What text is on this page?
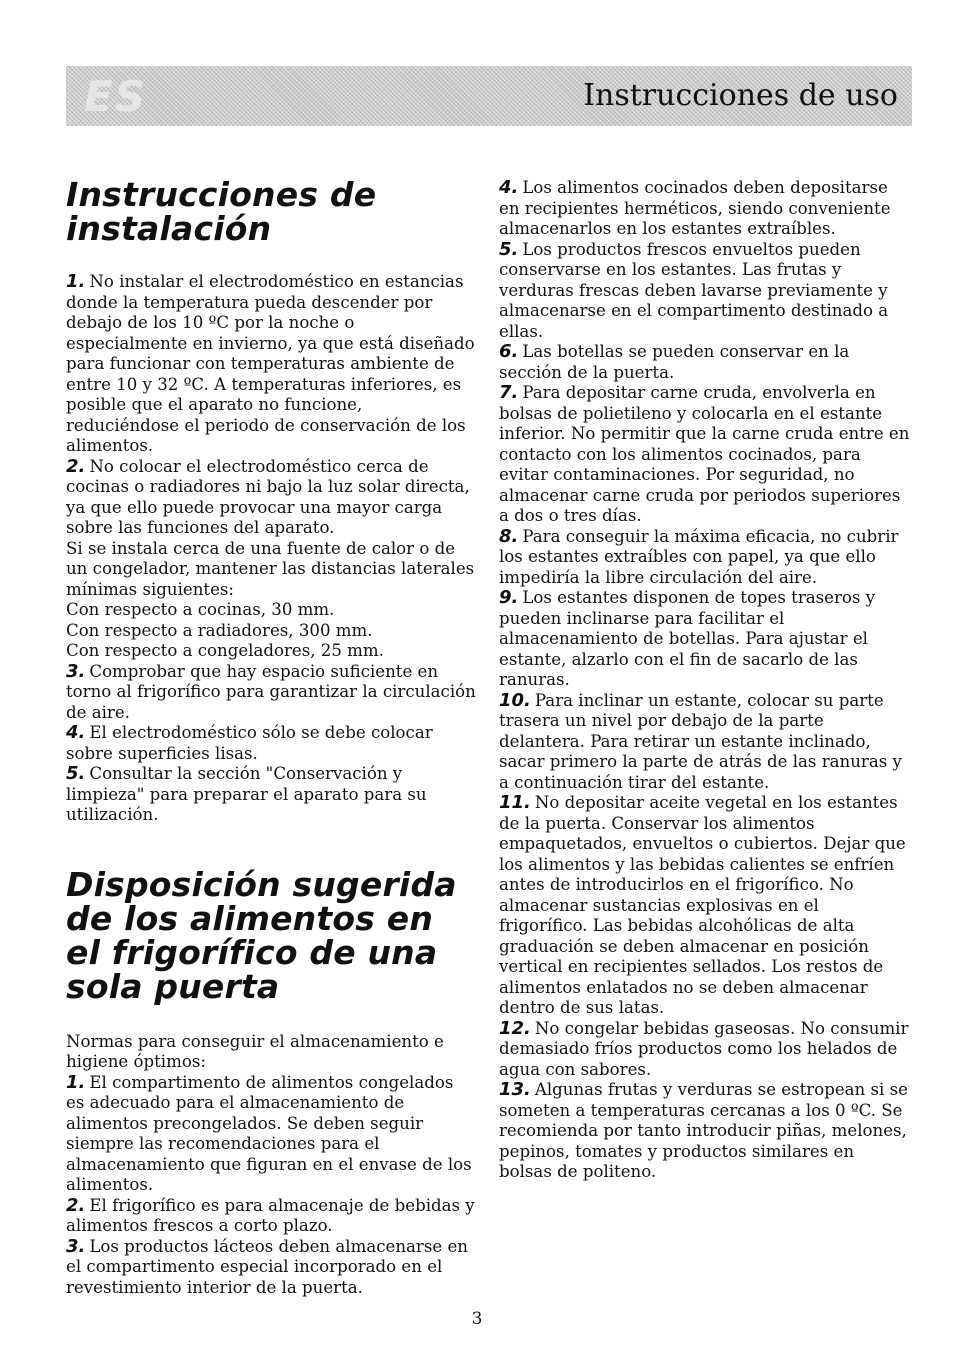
ES	Instrucciones de uso
Instrucciones de instalación

1. No instalar el electrodoméstico en estancias donde la temperatura pueda descender por debajo de los 10 ºC por la noche o especialmente en invierno, ya que está diseñado para funcionar con temperaturas ambiente de entre 10 y 32 ºC. A temperaturas inferiores, es posible que el aparato no funcione, reduciéndose el periodo de conservación de los alimentos.

2. No colocar el electrodoméstico cerca de cocinas o radiadores ni bajo la luz solar directa, ya que ello puede provocar una mayor carga sobre las funciones del aparato.

Si se instala cerca de una fuente de calor o de un congelador, mantener las distancias laterales mínimas siguientes:

Con respecto a cocinas, 30 mm.

Con respecto a radiadores, 300 mm.

Con respecto a congeladores, 25 mm.

3. Comprobar que hay espacio suficiente en torno al frigorífico para garantizar la circulación de aire.

4. El electrodoméstico sólo se debe colocar sobre superficies lisas.

5. Consultar la sección "Conservación y limpieza" para preparar el aparato para su utilización.

Disposición sugerida de los alimentos en el frigorífico de una sola puerta

Normas para conseguir el almacenamiento e higiene óptimos:

1. El compartimento de alimentos congelados es adecuado para el almacenamiento de alimentos precongelados. Se deben seguir siempre las recomendaciones para el almacenamiento que figuran en el envase de los alimentos.

2. El frigorífico es para almacenaje de bebidas y alimentos frescos a corto plazo.

3. Los productos lácteos deben almacenarse en el compartimento especial incorporado en el revestimiento interior de la puerta.

4. Los alimentos cocinados deben depositarse en recipientes herméticos, siendo conveniente almacenarlos en los estantes extraíbles.

5. Los productos frescos envueltos pueden conservarse en los estantes. Las frutas y verduras frescas deben lavarse previamente y almacenarse en el compartimento destinado a ellas.

6. Las botellas se pueden conservar en la sección de la puerta.

7. Para depositar carne cruda, envolverla en bolsas de polietileno y colocarla en el estante inferior. No permitir que la carne cruda entre en contacto con los alimentos cocinados, para evitar contaminaciones. Por seguridad, no almacenar carne cruda por periodos superiores a dos o tres días.

8. Para conseguir la máxima eficacia, no cubrir los estantes extraíbles con papel, ya que ello impediría la libre circulación del aire.

9. Los estantes disponen de topes traseros y pueden inclinarse para facilitar el almacenamiento de botellas. Para ajustar el estante, alzarlo con el fin de sacarlo de las ranuras.

10. Para inclinar un estante, colocar su parte trasera un nivel por debajo de la parte delantera. Para retirar un estante inclinado, sacar primero la parte de atrás de las ranuras y a continuación tirar del estante.

11. No depositar aceite vegetal en los estantes de la puerta. Conservar los alimentos empaquetados, envueltos o cubiertos. Dejar que los alimentos y las bebidas calientes se enfríen antes de introducirlos en el frigorífico. No almacenar sustancias explosivas en el frigorífico. Las bebidas alcohólicas de alta graduación se deben almacenar en posición vertical en recipientes sellados. Los restos de alimentos enlatados no se deben almacenar dentro de sus latas.

12. No congelar bebidas gaseosas. No consumir demasiado fríos productos como los helados de agua con sabores.

13. Algunas frutas y verduras se estropean si se someten a temperaturas cercanas a los 0 ºC. Se recomienda por tanto introducir piñas, melones, pepinos, tomates y productos similares en bolsas de politeno.

3
